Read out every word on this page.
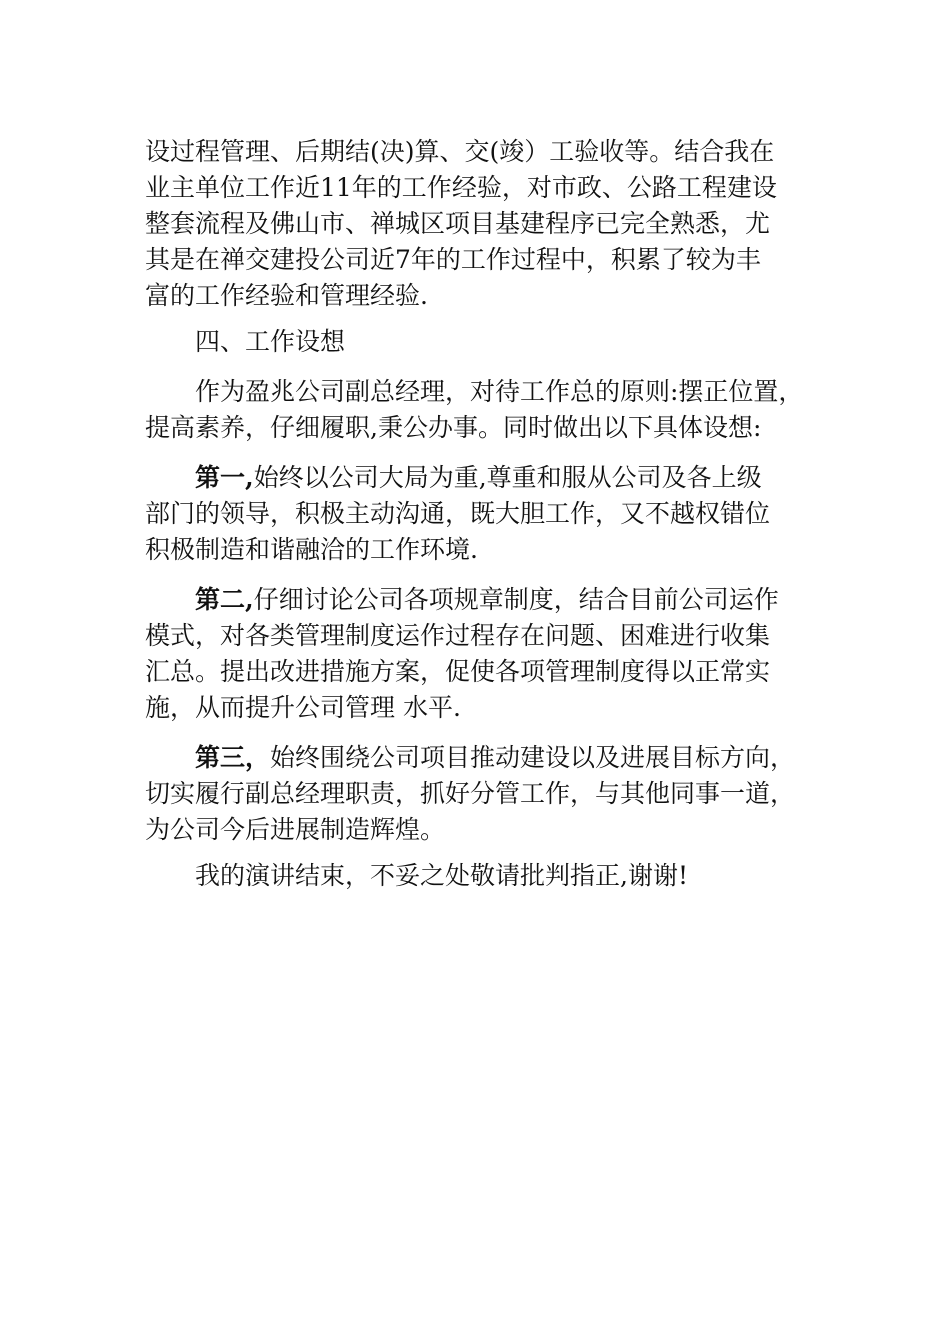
设过程管理、后期结(决)算、交(竣）工验收等。结合我在
业主单位工作近11年的工作经验，对市政、公路工程建设
整套流程及佛山市、禅城区项目基建程序已完全熟悉，尤
其是在禅交建投公司近7年的工作过程中，积累了较为丰
富的工作经验和管理经验.
四、工作设想
作为盈兆公司副总经理，对待工作总的原则:摆正位置，
提高素养，仔细履职,秉公办事。同时做出以下具体设想:
第一,始终以公司大局为重,尊重和服从公司及各上级
部门的领导，积极主动沟通，既大胆工作，又不越权错位
积极制造和谐融洽的工作环境.
第二,仔细讨论公司各项规章制度，结合目前公司运作
模式，对各类管理制度运作过程存在问题、困难进行收集
汇总。提出改进措施方案，促使各项管理制度得以正常实
施，从而提升公司管理 水平.
第三，始终围绕公司项目推动建设以及进展目标方向，
切实履行副总经理职责，抓好分管工作，与其他同事一道，
为公司今后进展制造辉煌。
我的演讲结束，不妥之处敬请批判指正,谢谢!
